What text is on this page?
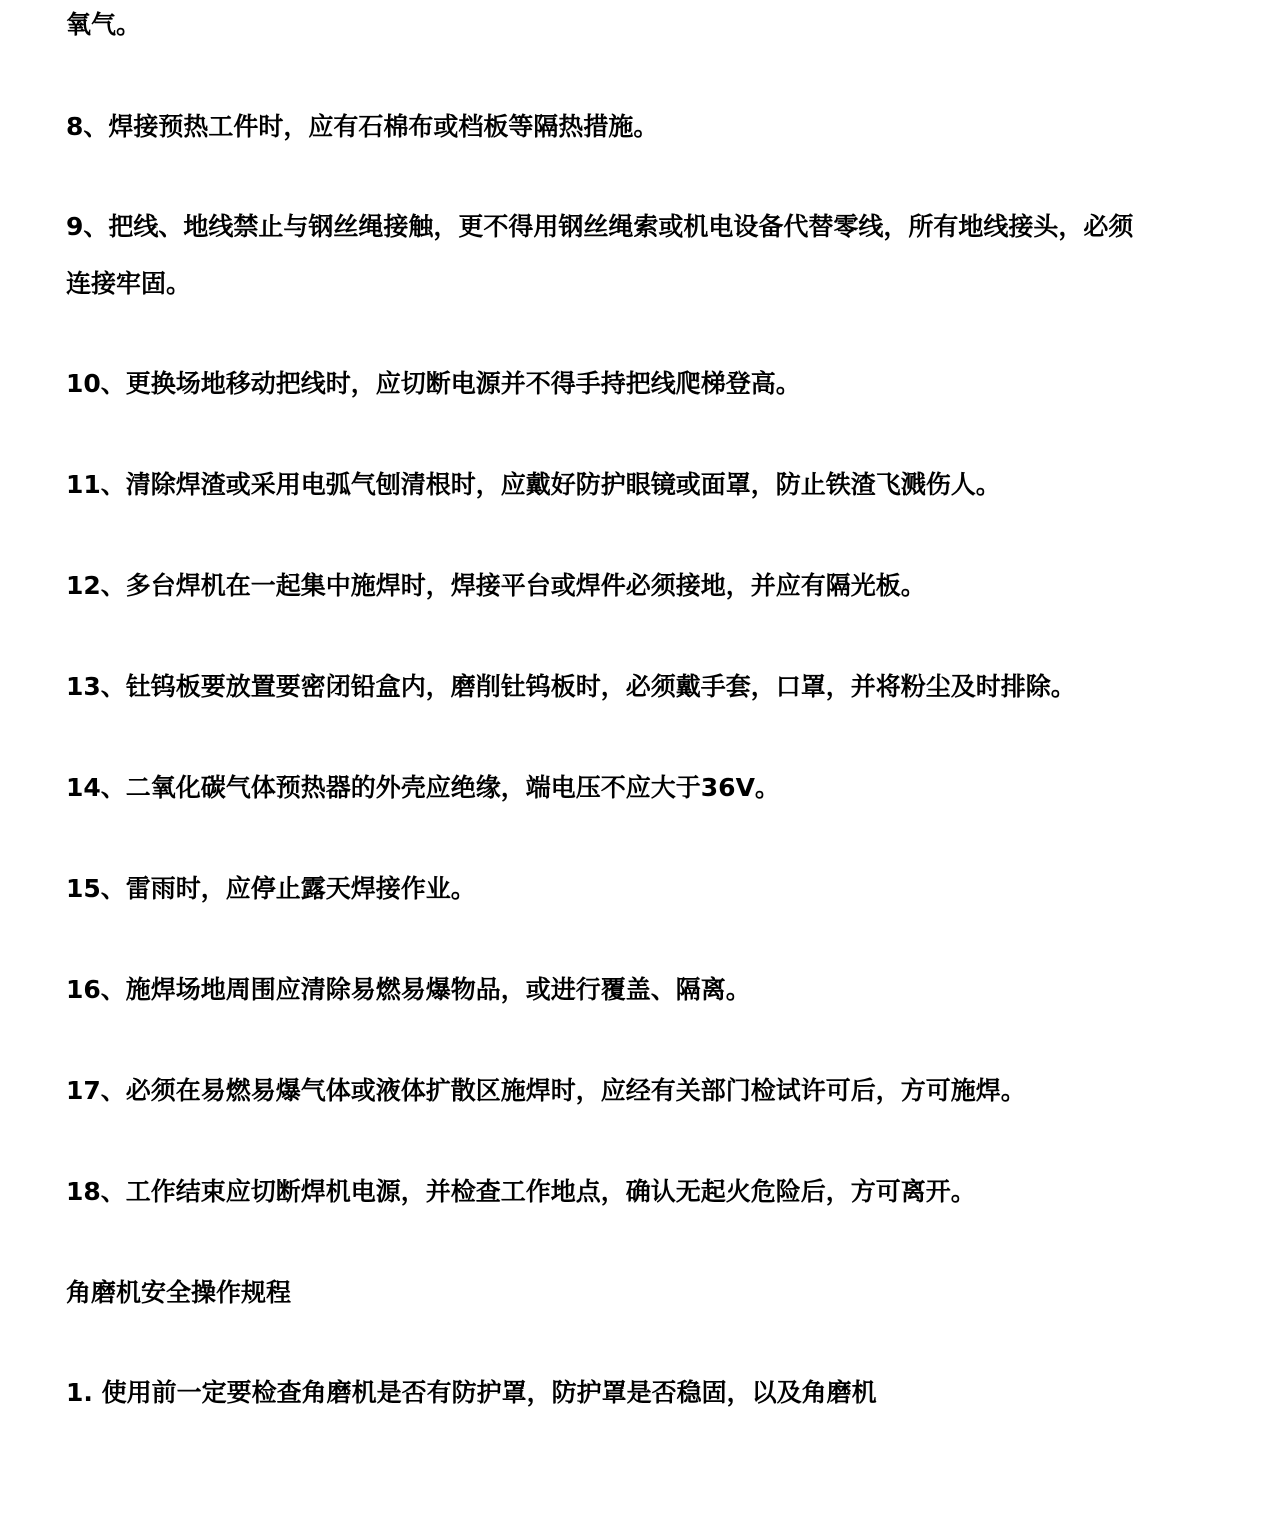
氧气。

8、焊接预热工件时，应有石棉布或档板等隔热措施。

9、把线、地线禁止与钢丝绳接触，更不得用钢丝绳索或机电设备代替零线，所有地线接头，必须

连接牢固。

10、更换场地移动把线时，应切断电源并不得手持把线爬梯登高。

11、清除焊渣或采用电弧气刨清根时，应戴好防护眼镜或面罩，防止铁渣飞溅伤人。

12、多台焊机在一起集中施焊时，焊接平台或焊件必须接地，并应有隔光板。

13、钍钨板要放置要密闭铅盒内，磨削钍钨板时，必须戴手套，口罩，并将粉尘及时排除。

14、二氧化碳气体预热器的外壳应绝缘，端电压不应大于36V。

15、雷雨时，应停止露天焊接作业。

16、施焊场地周围应清除易燃易爆物品，或进行覆盖、隔离。

17、必须在易燃易爆气体或液体扩散区施焊时，应经有关部门检试许可后，方可施焊。

18、工作结束应切断焊机电源，并检查工作地点，确认无起火危险后，方可离开。

角磨机安全操作规程

1. 使用前一定要检查角磨机是否有防护罩，防护罩是否稳固，以及角磨机
